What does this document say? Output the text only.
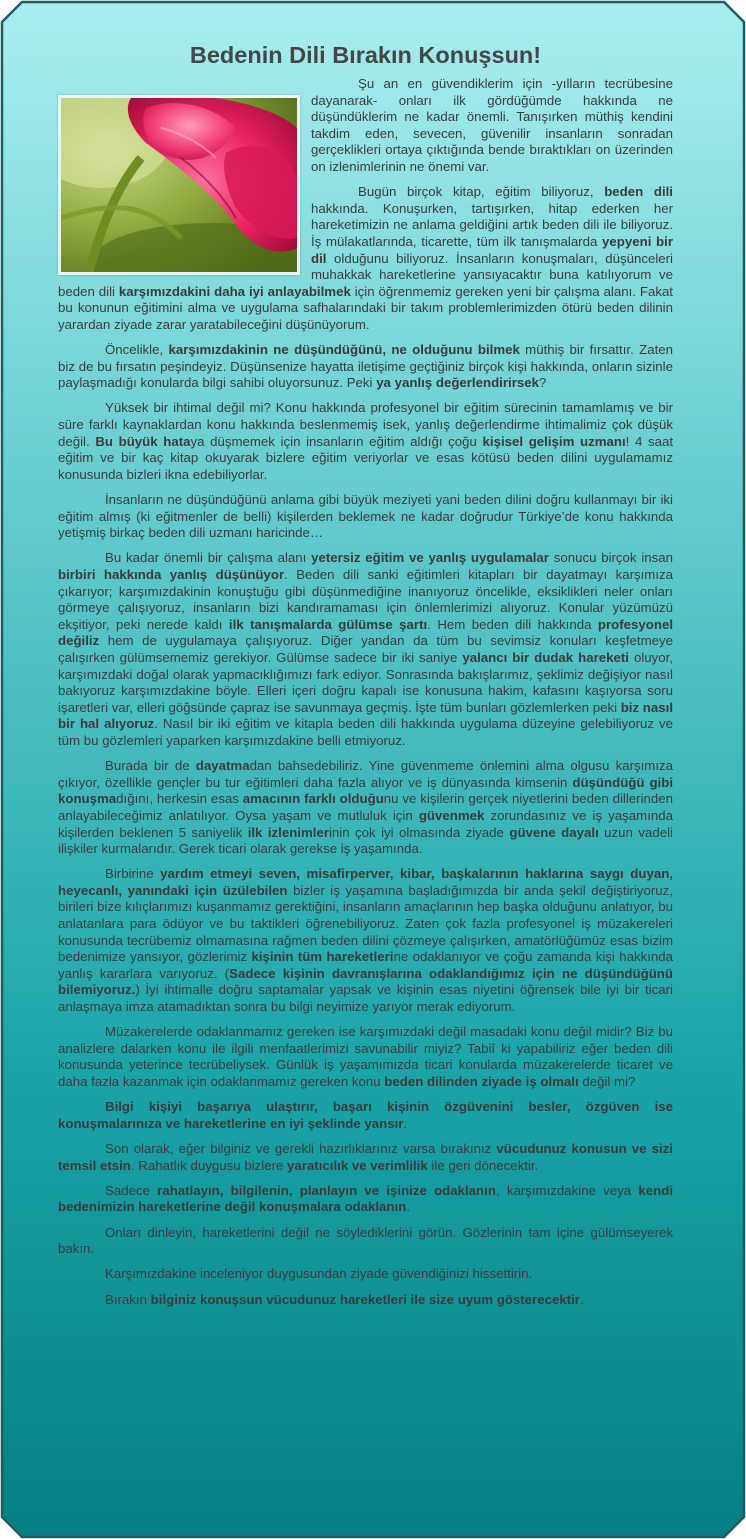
Bedenin Dili Bırakın Konuşsun!

Şu an en güvendiklerim için -yılların tecrübesine dayanarak- onları ilk gördüğümde hakkında ne düşündüklerim ne kadar önemli. Tanışırken müthiş kendini takdim eden, sevecen, güvenilir insanların sonradan gerçeklikleri ortaya çıktığında bende bıraktıkları on üzerinden on izlenimlerinin ne önemi var.

Bugün birçok kitap, eğitim biliyoruz, beden dili hakkında. Konuşurken, tartışırken, hitap ederken her hareketimizin ne anlama geldiğini artık beden dili ile biliyoruz. İş mülakatlarında, ticarette, tüm ilk tanışmalarda yepyeni bir dil olduğunu biliyoruz. İnsanların konuşmaları, düşünceleri muhakkak hareketlerine yansıyacaktır buna katılıyorum ve beden dili karşımızdakini daha iyi anlayabilmek için öğrenmemiz gereken yeni bir çalışma alanı. Fakat bu konunun eğitimini alma ve uygulama safhalarındaki bir takım problemlerimizden ötürü beden dilinin yarardan ziyade zarar yaratabileceğini düşünüyorum.

Öncelikle, karşımızdakinin ne düşündüğünü, ne olduğunu bilmek müthiş bir fırsattır. Zaten biz de bu fırsatın peşindeyiz. Düşünsenize hayatta iletişime geçtiğiniz birçok kişi hakkında, onların sizinle paylaşmadığı konularda bilgi sahibi oluyorsunuz. Peki ya yanlış değerlendirirsek?

Yüksek bir ihtimal değil mi? Konu hakkında profesyonel bir eğitim sürecinin tamamlamış ve bir süre farklı kaynaklardan konu hakkında beslenmemiş isek, yanlış değerlendirme ihtimalimiz çok düşük değil. Bu büyük hataya düşmemek için insanların eğitim aldığı çoğu kişisel gelişim uzmanı! 4 saat eğitim ve bir kaç kitap okuyarak bizlere eğitim veriyorlar ve esas kötüsü beden dilini uygulamamız konusunda bizleri ikna edebiliyorlar.

İnsanların ne düşündüğünü anlama gibi büyük meziyeti yani beden dilini doğru kullanmayı bir iki eğitim almış (ki eğitmenler de belli) kişilerden beklemek ne kadar doğrudur Türkiye’de konu hakkında yetişmiş birkaç beden dili uzmanı haricinde…

Bu kadar önemli bir çalışma alanı yetersiz eğitim ve yanlış uygulamalar sonucu birçok insan birbiri hakkında yanlış düşünüyor. Beden dili sanki eğitimleri kitapları bir dayatmayı karşımıza çıkarıyor; karşımızdakinin konuştuğu gibi düşünmediğine inanıyoruz öncelikle, eksiklikleri neler onları görmeye çalışıyoruz, insanların bizi kandıramaması için önlemlerimizi alıyoruz. Konular yüzümüzü ekşitiyor, peki nerede kaldı ilk tanışmalarda gülümse şartı. Hem beden dili hakkında profesyonel değiliz hem de uygulamaya çalışıyoruz. Diğer yandan da tüm bu sevimsiz konuları keşfetmeye çalışırken gülümsememiz gerekiyor. Gülümse sadece bir iki saniye yalancı bir dudak hareketi oluyor, karşımızdaki doğal olarak yapmacıklığımızı fark ediyor. Sonrasında bakışlarımız, şeklimiz değişiyor nasıl bakıyoruz karşımızdakine böyle. Elleri içeri doğru kapalı ise konusuna hakim, kafasını kaşıyorsa soru işaretleri var, elleri göğsünde çapraz ise savunmaya geçmiş. İşte tüm bunları gözlemlerken peki biz nasıl bir hal alıyoruz. Nasıl bir iki eğitim ve kitapla beden dili hakkında uygulama düzeyine gelebiliyoruz ve tüm bu gözlemleri yaparken karşımızdakine belli etmiyoruz.

Burada bir de dayatmadan bahsedebiliriz. Yine güvenmeme önlemini alma olgusu karşımıza çıkıyor, özellikle gençler bu tur eğitimleri daha fazla alıyor ve iş dünyasında kimsenin düşündüğü gibi konuşmadığını, herkesin esas amacının farklı olduğunu ve kişilerin gerçek niyetlerini beden dillerinden anlayabileceğimiz anlatılıyor. Oysa yaşam ve mutluluk için güvenmek zorundasınız ve iş yaşamında kişilerden beklenen 5 saniyelik ilk izlenimlerinin çok iyi olmasında ziyade güvene dayalı uzun vadeli ilişkiler kurmalarıdır. Gerek ticari olarak gerekse iş yaşamında.

Birbirine yardım etmeyi seven, misafirperver, kibar, başkalarının haklarına saygı duyan, heyecanlı, yanındaki için üzülebilen bizler iş yaşamına başladığımızda bir anda şekil değiştiriyoruz, birileri bize kılıçlarımızı kuşanmamız gerektiğini, insanların amaçlarının hep başka olduğunu anlatıyor, bu anlatanlara para ödüyor ve bu taktikleri öğrenebiliyoruz. Zaten çok fazla profesyonel iş müzakereleri konusunda tecrübemiz olmamasına rağmen beden dilini çözmeye çalışırken, amatörlüğümüz esas bizim bedenimize yansıyor, gözlerimiz kişinin tüm hareketlerine odaklanıyor ve çoğu zamanda kişi hakkında yanlış kararlara varıyoruz. (Sadece kişinin davranışlarına odaklandığımız için ne düşündüğünü bilemiyoruz.) İyi ihtimalle doğru saptamalar yapsak ve kişinin esas niyetini öğrensek bile iyi bir ticari anlaşmaya imza atamadıktan sonra bu bilgi neyimize yarıyor merak ediyorum.

Müzakerelerde odaklanmamız gereken ise karşımızdaki değil masadaki konu değil midir? Biz bu analizlere dalarken konu ile ilgili menfaatlerimizi savunabilir miyiz? Tabiî ki yapabiliriz eğer beden dili konusunda yeterince tecrübeliysek. Günlük iş yaşamımızda ticari konularda müzakerelerde ticaret ve daha fazla kazanmak için odaklanmamız gereken konu beden dilinden ziyade iş olmalı değil mi?

Bilgi kişiyi başarıya ulaştırır, başarı kişinin özgüvenini besler, özgüven ise konuşmalarınıza ve hareketlerine en iyi şeklinde yansır.

Son olarak, eğer bilginiz ve gerekli hazırlıklarınız varsa bırakınız vücudunuz konusun ve sizi temsil etsin. Rahatlık duygusu bizlere yaratıcılık ve verimlilik ile geri dönecektir.

Sadece rahatlayın, bilgilenin, planlayın ve işinize odaklanın, karşımızdakine veya kendi bedenimizin hareketlerine değil konuşmalara odaklanın.

Onları dinleyin, hareketlerini değil ne söylediklerini görün. Gözlerinin tam içine gülümseyerek bakın.

Karşımızdakine inceleniyor duygusundan ziyade güvendiğinizi hissettirin.

Bırakın bilginiz konuşsun vücudunuz hareketleri ile size uyum gösterecektir.
